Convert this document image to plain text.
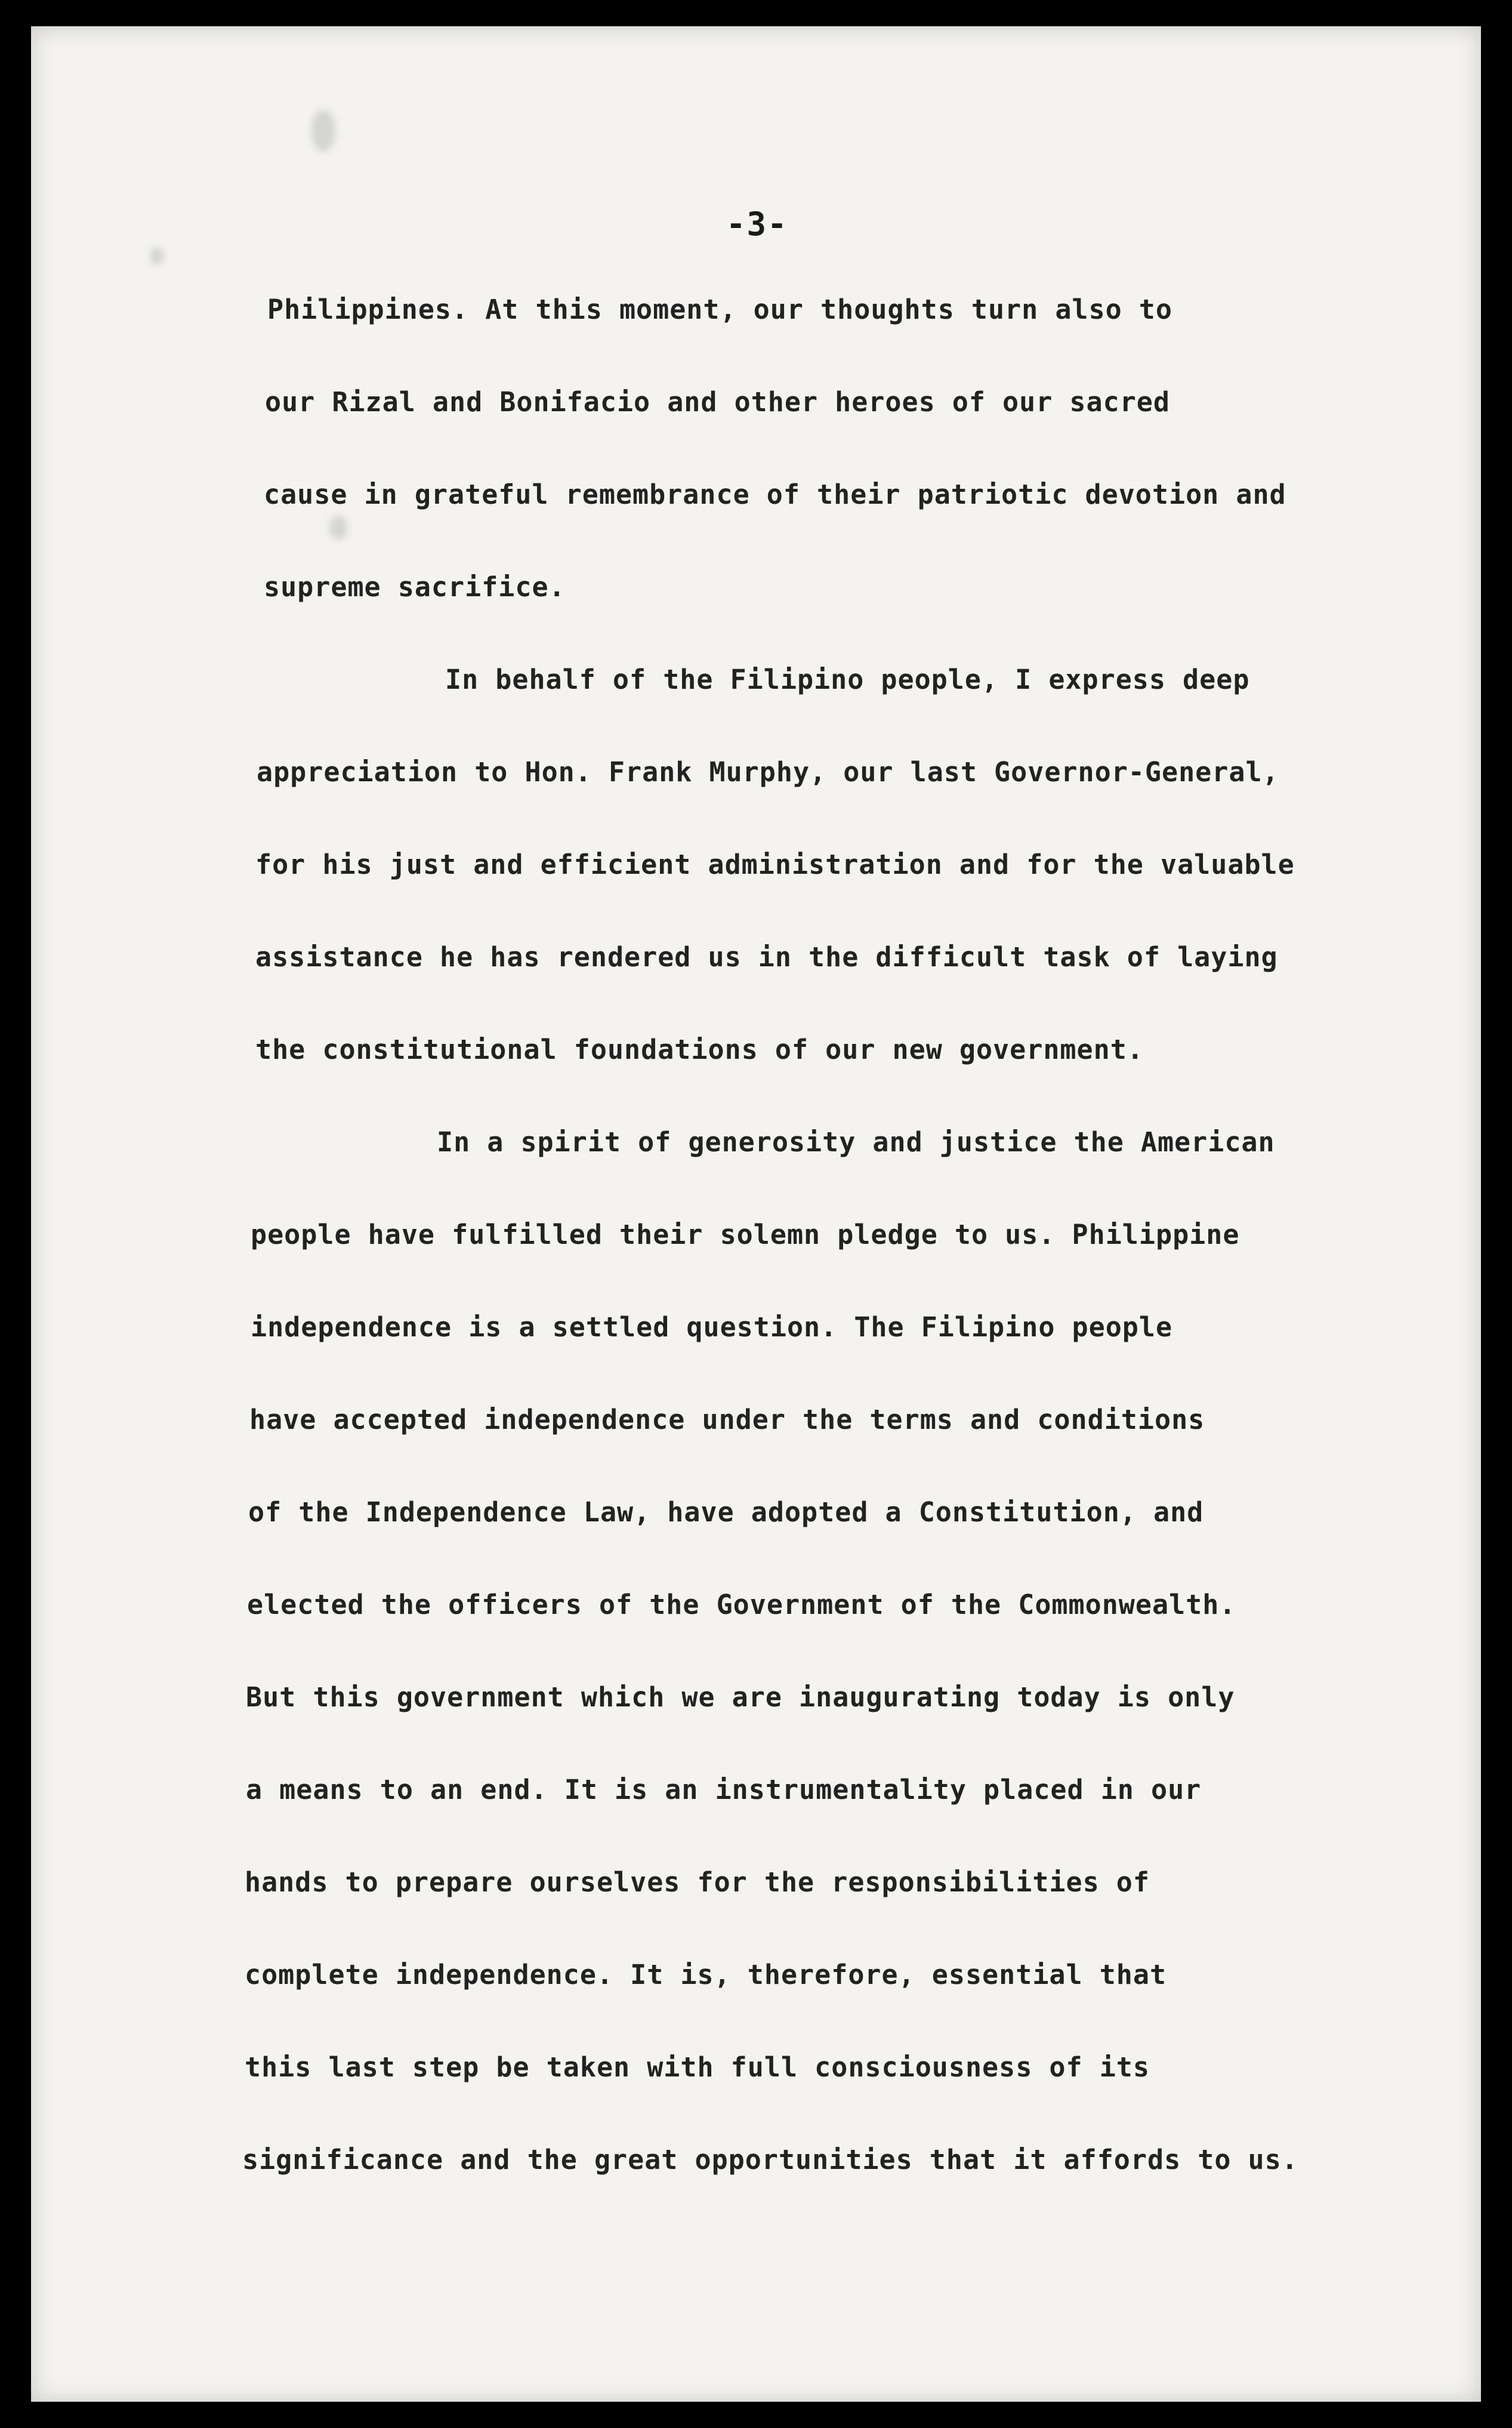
-3-
Philippines. At this moment, our thoughts turn also to
our Rizal and Bonifacio and other heroes of our sacred
cause in grateful remembrance of their patriotic devotion and
supreme sacrifice.
In behalf of the Filipino people, I express deep
appreciation to Hon. Frank Murphy, our last Governor-General,
for his just and efficient administration and for the valuable
assistance he has rendered us in the difficult task of laying
the constitutional foundations of our new government.
In a spirit of generosity and justice the American
people have fulfilled their solemn pledge to us. Philippine
independence is a settled question. The Filipino people
have accepted independence under the terms and conditions
of the Independence Law, have adopted a Constitution, and
elected the officers of the Government of the Commonwealth.
But this government which we are inaugurating today is only
a means to an end. It is an instrumentality placed in our
hands to prepare ourselves for the responsibilities of
complete independence. It is, therefore, essential that
this last step be taken with full consciousness of its
significance and the great opportunities that it affords to us.
